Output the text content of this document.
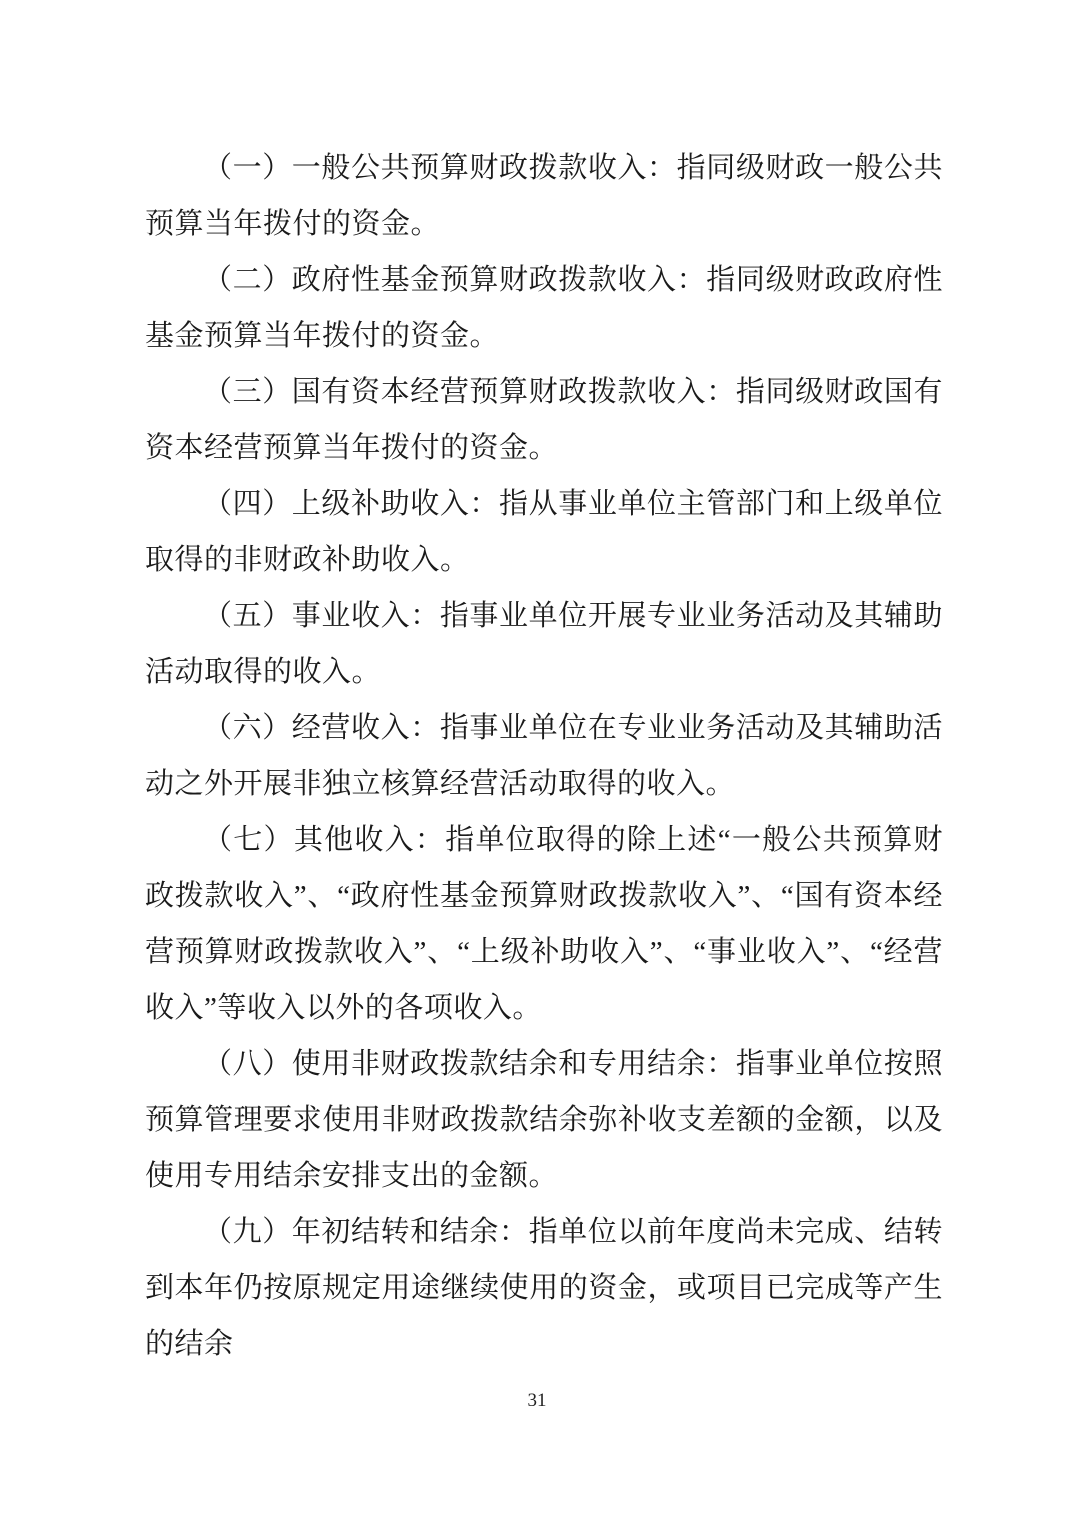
（一）一般公共预算财政拨款收入：指同级财政一般公共预算当年拨付的资金。

（二）政府性基金预算财政拨款收入：指同级财政政府性基金预算当年拨付的资金。

（三）国有资本经营预算财政拨款收入：指同级财政国有资本经营预算当年拨付的资金。

（四）上级补助收入：指从事业单位主管部门和上级单位取得的非财政补助收入。

（五）事业收入：指事业单位开展专业业务活动及其辅助活动取得的收入。

（六）经营收入：指事业单位在专业业务活动及其辅助活动之外开展非独立核算经营活动取得的收入。

（七）其他收入：指单位取得的除上述“一般公共预算财政拨款收入”、“政府性基金预算财政拨款收入”、“国有资本经营预算财政拨款收入”、“上级补助收入”、“事业收入”、“经营收入”等收入以外的各项收入。

（八）使用非财政拨款结余和专用结余：指事业单位按照预算管理要求使用非财政拨款结余弥补收支差额的金额，以及使用专用结余安排支出的金额。

（九）年初结转和结余：指单位以前年度尚未完成、结转到本年仍按原规定用途继续使用的资金，或项目已完成等产生的结余

31
